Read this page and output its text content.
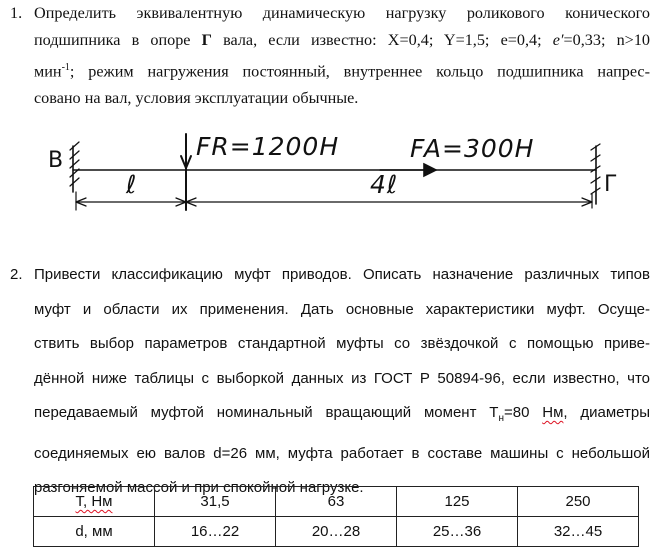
1. Определить эквивалентную динамическую нагрузку роликового конического
подшипника в опоре Г вала, если известно: X=0,4; Y=1,5; e=0,4; e′=0,33; n>10
мин$^{-1}$; режим нагружения постоянный, внутреннее кольцо подшипника напрес-
совано на вал, условия эксплуатации обычные.
В
Г
FR=1200H	FA=300H
ℓ	4ℓ
2. Привести классификацию муфт приводов. Описать назначение различных типов
муфт и области их применения. Дать основные характеристики муфт. Осуще-
ствить выбор параметров стандартной муфты со звёздочкой с помощью приве-
дённой ниже таблицы с выборкой данных из ГОСТ Р 50894-96, если известно, что
передаваемый муфтой номинальный вращающий момент $T_н=80$ Нм, диаметры
соединяемых ею валов d=26 мм, муфта работает в составе машины с небольшой
разгоняемой массой и при спокойной нагрузке.
T, Нм	31,5	63	125	250
d, мм	16…22	20…28	25…36	32…45
